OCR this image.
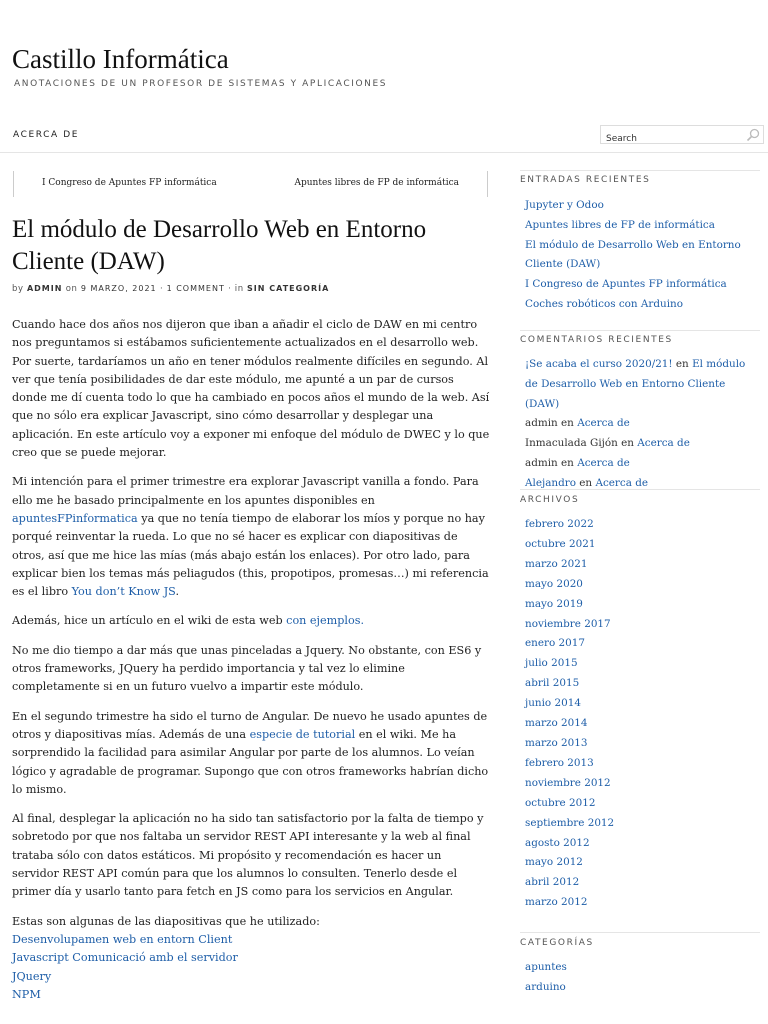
Castillo Informática
ANOTACIONES DE UN PROFESOR DE SISTEMAS Y APLICACIONES
ACERCA DE
Search
I Congreso de Apuntes FP informática	Apuntes libres de FP de informática
El módulo de Desarrollo Web en Entorno Cliente (DAW)
by ADMIN on 9 MARZO, 2021 · 1 COMMENT · in SIN CATEGORÍA

Cuando hace dos años nos dijeron que iban a añadir el ciclo de DAW en mi centro nos preguntamos si estábamos suficientemente actualizados en el desarrollo web. Por suerte, tardaríamos un año en tener módulos realmente difíciles en segundo. Al ver que tenía posibilidades de dar este módulo, me apunté a un par de cursos donde me dí cuenta todo lo que ha cambiado en pocos años el mundo de la web. Así que no sólo era explicar Javascript, sino cómo desarrollar y desplegar una aplicación. En este artículo voy a exponer mi enfoque del módulo de DWEC y lo que creo que se puede mejorar.

Mi intención para el primer trimestre era explorar Javascript vanilla a fondo. Para ello me he basado principalmente en los apuntes disponibles en apuntesFPinformatica ya que no tenía tiempo de elaborar los míos y porque no hay porqué reinventar la rueda. Lo que no sé hacer es explicar con diapositivas de otros, así que me hice las mías (más abajo están los enlaces). Por otro lado, para explicar bien los temas más peliagudos (this, propotipos, promesas…) mi referencia es el libro You don’t Know JS.

Además, hice un artículo en el wiki de esta web con ejemplos.

No me dio tiempo a dar más que unas pinceladas a Jquery. No obstante, con ES6 y otros frameworks, JQuery ha perdido importancia y tal vez lo elimine completamente si en un futuro vuelvo a impartir este módulo.

En el segundo trimestre ha sido el turno de Angular. De nuevo he usado apuntes de otros y diapositivas mías. Además de una especie de tutorial en el wiki. Me ha sorprendido la facilidad para asimilar Angular por parte de los alumnos. Lo veían lógico y agradable de programar. Supongo que con otros frameworks habrían dicho lo mismo.

Al final, desplegar la aplicación no ha sido tan satisfactorio por la falta de tiempo y sobretodo por que nos faltaba un servidor REST API interesante y la web al final trataba sólo con datos estáticos. Mi propósito y recomendación es hacer un servidor REST API común para que los alumnos lo consulten. Tenerlo desde el primer día y usarlo tanto para fetch en JS como para los servicios en Angular.

Estas son algunas de las diapositivas que he utilizado:
Desenvolupamen web en entorn Client
Javascript Comunicació amb el servidor
JQuery
NPM
ENTRADAS RECIENTES
Jupyter y Odoo
Apuntes libres de FP de informática
El módulo de Desarrollo Web en Entorno Cliente (DAW)
I Congreso de Apuntes FP informática
Coches robóticos con Arduino
COMENTARIOS RECIENTES
¡Se acaba el curso 2020/21! en El módulo de Desarrollo Web en Entorno Cliente (DAW)
admin en Acerca de
Inmaculada Gijón en Acerca de
admin en Acerca de
Alejandro en Acerca de
ARCHIVOS
febrero 2022
octubre 2021
marzo 2021
mayo 2020
mayo 2019
noviembre 2017
enero 2017
julio 2015
abril 2015
junio 2014
marzo 2014
marzo 2013
febrero 2013
noviembre 2012
octubre 2012
septiembre 2012
agosto 2012
mayo 2012
abril 2012
marzo 2012
CATEGORÍAS
apuntes
arduino
